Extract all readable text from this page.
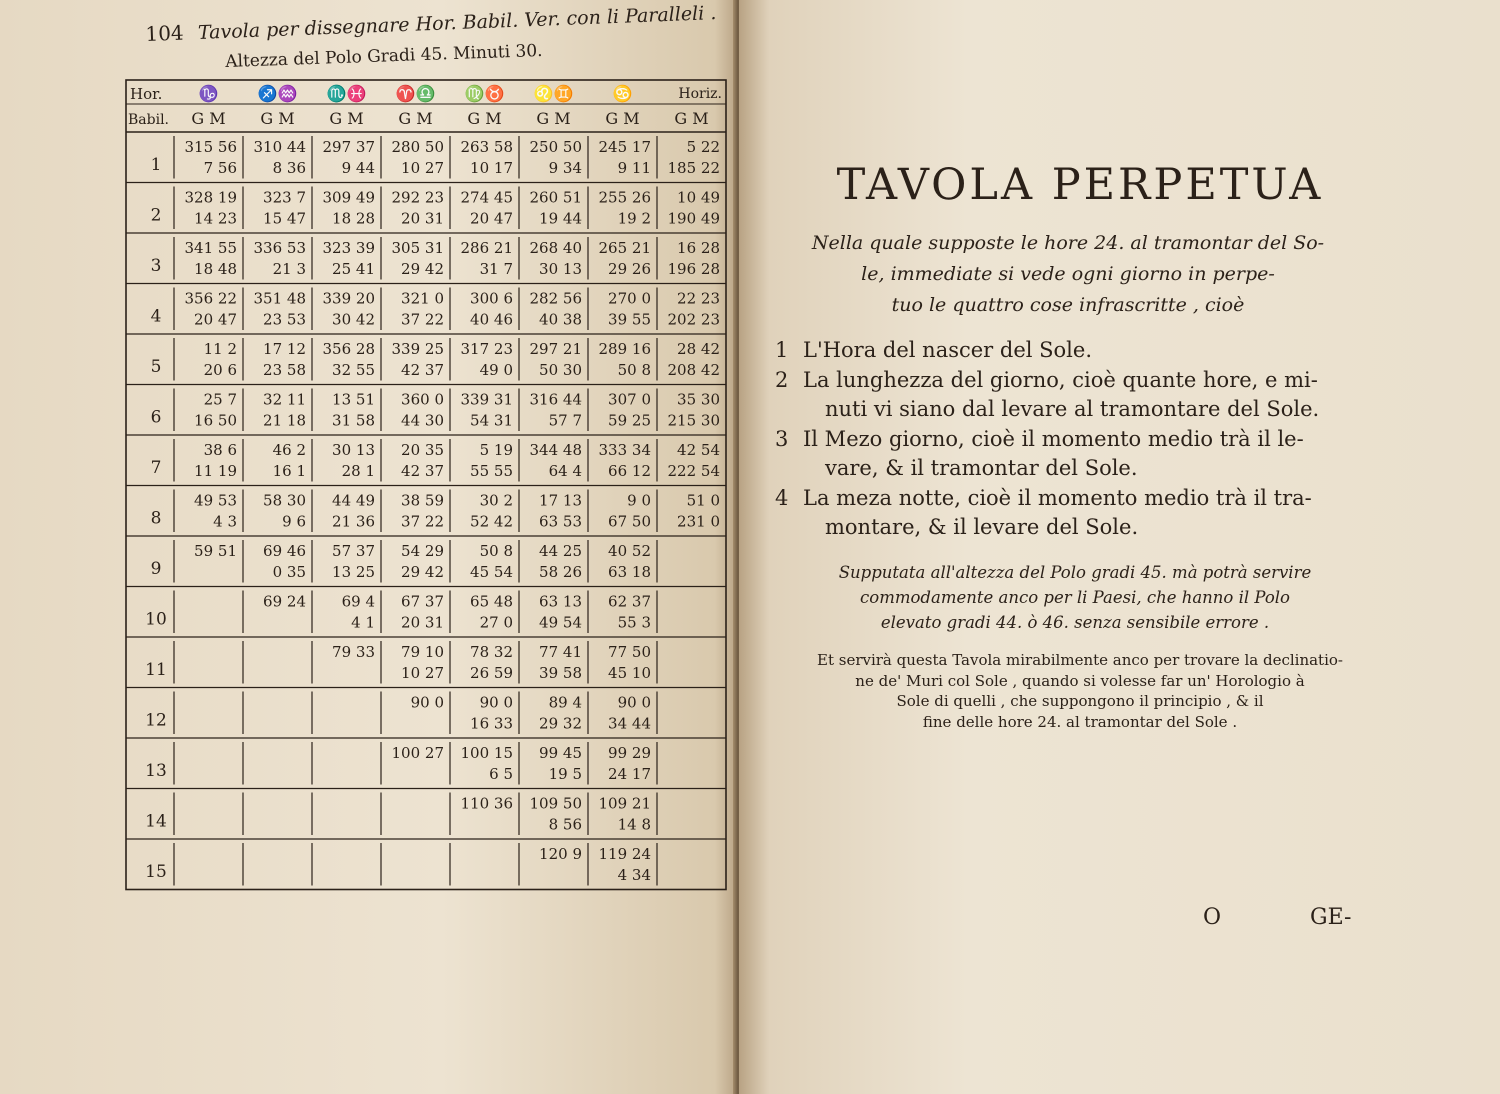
104 Tavola per dissegnare Hor. Babil. Ver. con li Paralleli .
Altezza del Polo Gradi 45. Minuti 30.
Hor. ♑ ♐♒ ♏♓ ♈♎ ♍♉ ♌♊ ♋	Horiz.
Babil. G M G M G M G M G M G M G M G M
1
315 56
7 56
310 44
8 36
297 37
9 44
280 50
10 27
263 58
10 17
250 50
9 34
245 17
9 11
5 22
185 22
2
328 19
14 23
323 7
15 47
309 49
18 28
292 23
20 31
274 45
20 47
260 51
19 44
255 26
19 2
10 49
190 49
3
341 55
18 48
336 53
21 3
323 39
25 41
305 31
29 42
286 21
31 7
268 40
30 13
265 21
29 26
16 28
196 28
4
356 22
20 47
351 48
23 53
339 20
30 42
321 0
37 22
300 6
40 46
282 56
40 38
270 0
39 55
22 23
202 23
5
11 2
20 6
17 12
23 58
356 28
32 55
339 25
42 37
317 23
49 0
297 21
50 30
289 16
50 8
28 42
208 42
6
25 7
16 50
32 11
21 18
13 51
31 58
360 0
44 30
339 31
54 31
316 44
57 7
307 0
59 25
35 30
215 30
7
38 6
11 19
46 2
16 1
30 13
28 1
20 35
42 37
5 19
55 55
344 48
64 4
333 34
66 12
42 54
222 54
8
49 53
4 3
58 30
9 6
44 49
21 36
38 59
37 22
30 2
52 42
17 13
63 53
9 0
67 50
51 0
231 0
9
59 51 69 46
0 35
57 37
13 25
54 29
29 42
50 8
45 54
44 25
58 26
40 52
63 18
10
69 24 69 4
4 1
67 37
20 31
65 48
27 0
63 13
49 54
62 37
55 3
11
79 33 79 10
10 27
78 32
26 59
77 41
39 58
77 50
45 10
12
90 0 90 0
16 33
89 4
29 32
90 0
34 44
13
100 27 100 15
6 5
99 45
19 5
99 29
24 17
14
110 36 109 50
8 56
109 21
14 8
15
120 9 119 24
4 34
TAVOLA PERPETUA
Nella quale supposte le hore 24. al tramontar del So-
le, immediate si vede ogni giorno in perpe-
tuo le quattro cose infrascritte , cioè
1 L'Hora del nascer del Sole.
2 La lunghezza del giorno, cioè quante hore, e mi-
nuti vi siano dal levare al tramontare del Sole.
3 Il Mezo giorno, cioè il momento medio trà il le-
vare, & il tramontar del Sole.
4 La meza notte, cioè il momento medio trà il tra-
montare, & il levare del Sole.
Supputata all'altezza del Polo gradi 45. mà potrà servire
commodamente anco per li Paesi, che hanno il Polo
elevato gradi 44. ò 46. senza sensibile errore .
Et servirà questa Tavola mirabilmente anco per trovare la declinatio-
ne de' Muri col Sole , quando si volesse far un' Horologio à
Sole di quelli , che suppongono il principio , & il
fine delle hore 24. al tramontar del Sole .
O	GE-
